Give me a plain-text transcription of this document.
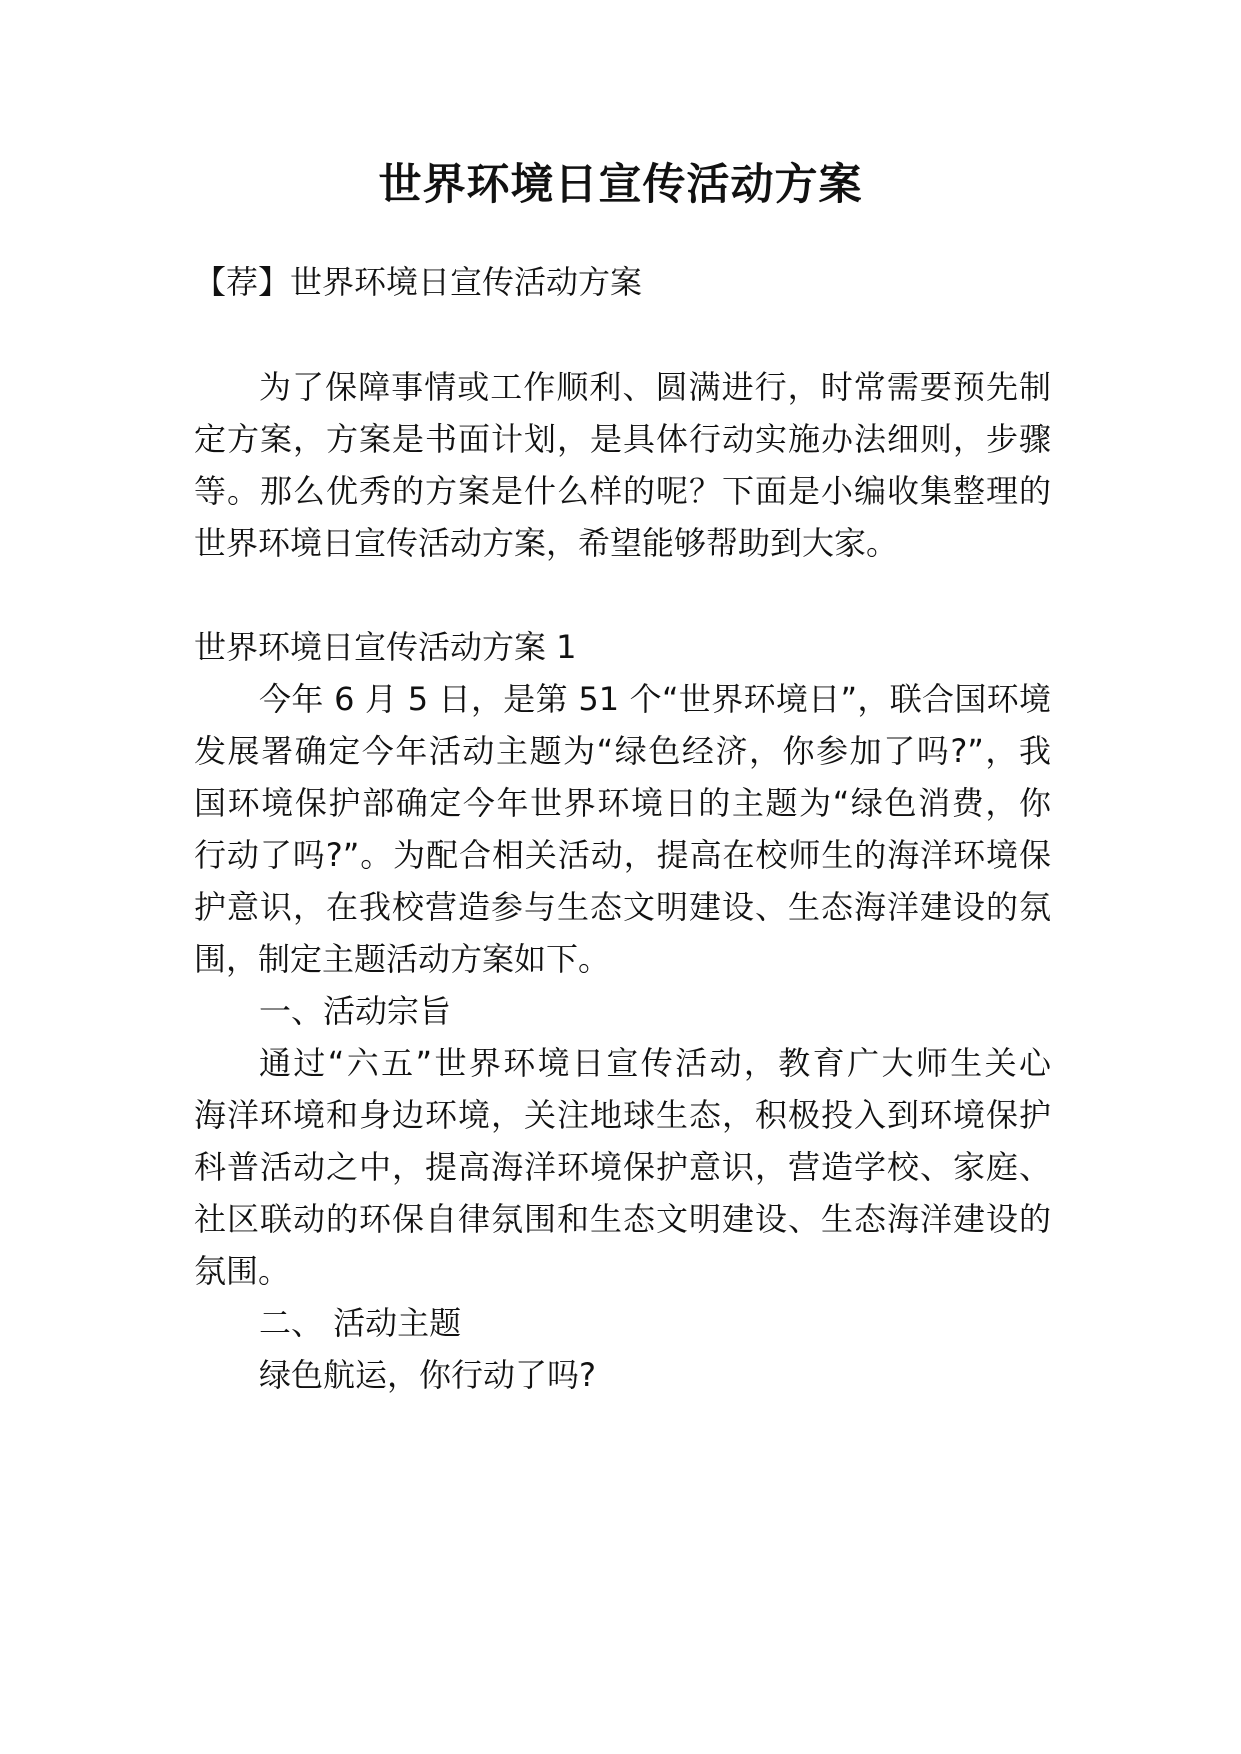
世界环境日宣传活动方案

【荐】世界环境日宣传活动方案

为了保障事情或工作顺利、圆满进行，时常需要预先制

定方案，方案是书面计划，是具体行动实施办法细则，步骤

等。那么优秀的方案是什么样的呢？下面是小编收集整理的

世界环境日宣传活动方案，希望能够帮助到大家。

世界环境日宣传活动方案 1

今年 6 月 5 日，是第 51 个“世界环境日”，联合国环境

发展署确定今年活动主题为“绿色经济，你参加了吗?”，我

国环境保护部确定今年世界环境日的主题为“绿色消费，你

行动了吗?”。为配合相关活动，提高在校师生的海洋环境保

护意识，在我校营造参与生态文明建设、生态海洋建设的氛

围，制定主题活动方案如下。

一、活动宗旨

通过“六五”世界环境日宣传活动，教育广大师生关心

海洋环境和身边环境，关注地球生态，积极投入到环境保护

科普活动之中，提高海洋环境保护意识，营造学校、家庭、

社区联动的环保自律氛围和生态文明建设、生态海洋建设的

氛围。

二、 活动主题

绿色航运，你行动了吗?
